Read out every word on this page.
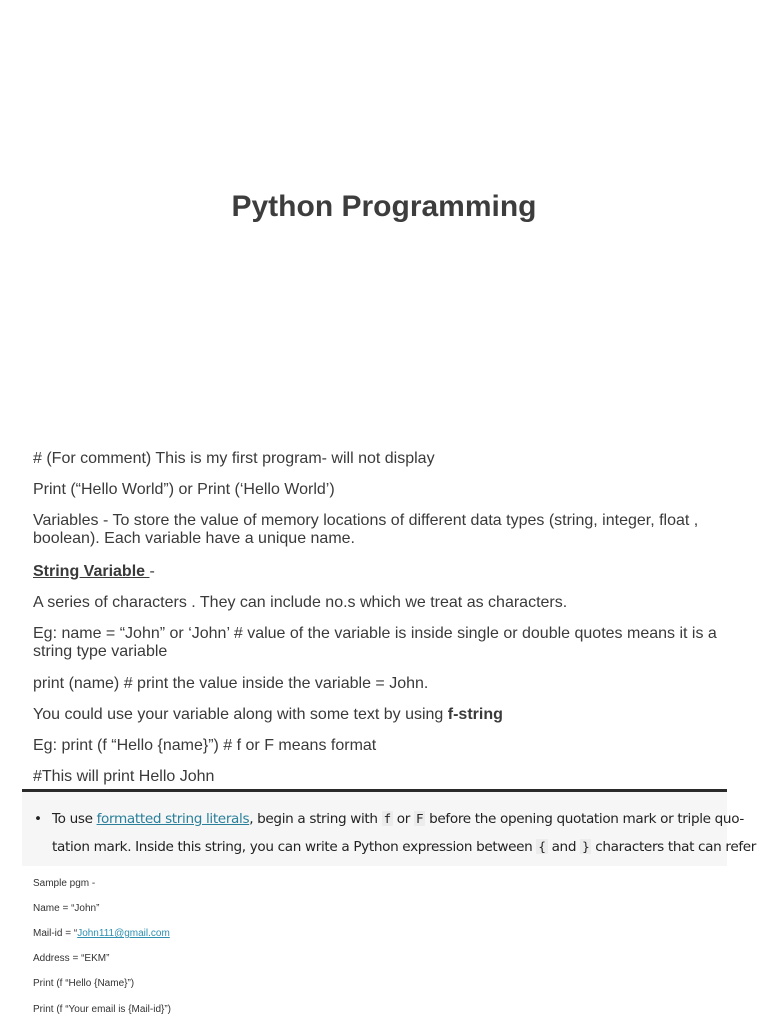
Python Programming
# (For comment) This is my first program- will not display
Print (“Hello World”) or Print (‘Hello World’)
Variables - To store the value of memory locations of different data types (string, integer, float , boolean). Each variable have a unique name.
String Variable -
A series of characters . They can include no.s which we treat as characters.
Eg: name = “John” or ‘John’ # value of the variable is inside single or double quotes means it is a string type variable
print (name) # print the value inside the variable = John.
You could use your variable along with some text by using f-string
Eg: print (f “Hello {name}”) # f or F means format
#This will print Hello John
• To use formatted string literals, begin a string with f or F before the opening quotation mark or triple quo-
tation mark. Inside this string, you can write a Python expression between { and } characters that can refer
Sample pgm -
Name = “John”
Mail-id = “John111@gmail.com
Address = “EKM”
Print (f “Hello {Name}”)
Print (f “Your email is {Mail-id}”)
